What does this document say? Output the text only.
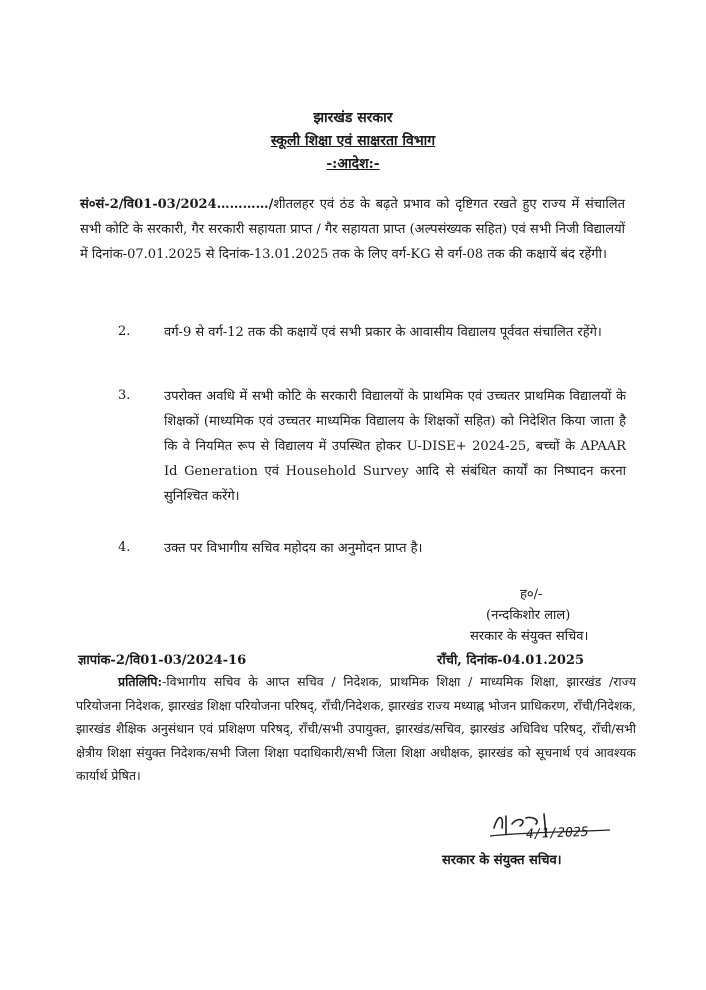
झारखंड सरकार
स्कूली शिक्षा एवं साक्षरता विभाग
-:आदेश:-
सं०सं-2/वि01-03/2024…………/शीतलहर एवं ठंड के बढ़ते प्रभाव को दृष्टिगत रखते हुए राज्य में संचालित सभी कोटि के सरकारी, गैर सरकारी सहायता प्राप्त / गैर सहायता प्राप्त (अल्पसंख्यक सहित) एवं सभी निजी विद्यालयों में दिनांक-07.01.2025 से दिनांक-13.01.2025 तक के लिए वर्ग-KG से वर्ग-08 तक की कक्षायें बंद रहेंगी।
2.	वर्ग-9 से वर्ग-12 तक की कक्षायें एवं सभी प्रकार के आवासीय विद्यालय पूर्ववत संचालित रहेंगे।
3.	उपरोक्त अवधि में सभी कोटि के सरकारी विद्यालयों के प्राथमिक एवं उच्चतर प्राथमिक विद्यालयों के शिक्षकों (माध्यमिक एवं उच्चतर माध्यमिक विद्यालय के शिक्षकों सहित) को निदेशित किया जाता है कि वे नियमित रूप से विद्यालय में उपस्थित होकर U-DISE+ 2024-25, बच्चों के APAAR Id Generation एवं Household Survey आदि से संबंधित कार्यों का निष्पादन करना सुनिश्चित करेंगे।
4.	उक्त पर विभागीय सचिव महोदय का अनुमोदन प्राप्त है।
ह०/-
(नन्दकिशोर लाल)
सरकार के संयुक्त सचिव।
ज्ञापांक-2/वि01-03/2024-16	राँची, दिनांक-04.01.2025
प्रतिलिपि:-विभागीय सचिव के आप्त सचिव / निदेशक, प्राथमिक शिक्षा / माध्यमिक शिक्षा, झारखंड /राज्य परियोजना निदेशक, झारखंड शिक्षा परियोजना परिषद्, राँची/निदेशक, झारखंड राज्य मध्याह्न भोजन प्राधिकरण, राँची/निदेशक, झारखंड शैक्षिक अनुसंधान एवं प्रशिक्षण परिषद्, राँची/सभी उपायुक्त, झारखंड/सचिव, झारखंड अधिविध परिषद्, राँची/सभी क्षेत्रीय शिक्षा संयुक्त निदेशक/सभी जिला शिक्षा पदाधिकारी/सभी जिला शिक्षा अधीक्षक, झारखंड को सूचनार्थ एवं आवश्यक कार्यार्थ प्रेषित।
4/1/2025
सरकार के संयुक्त सचिव।
